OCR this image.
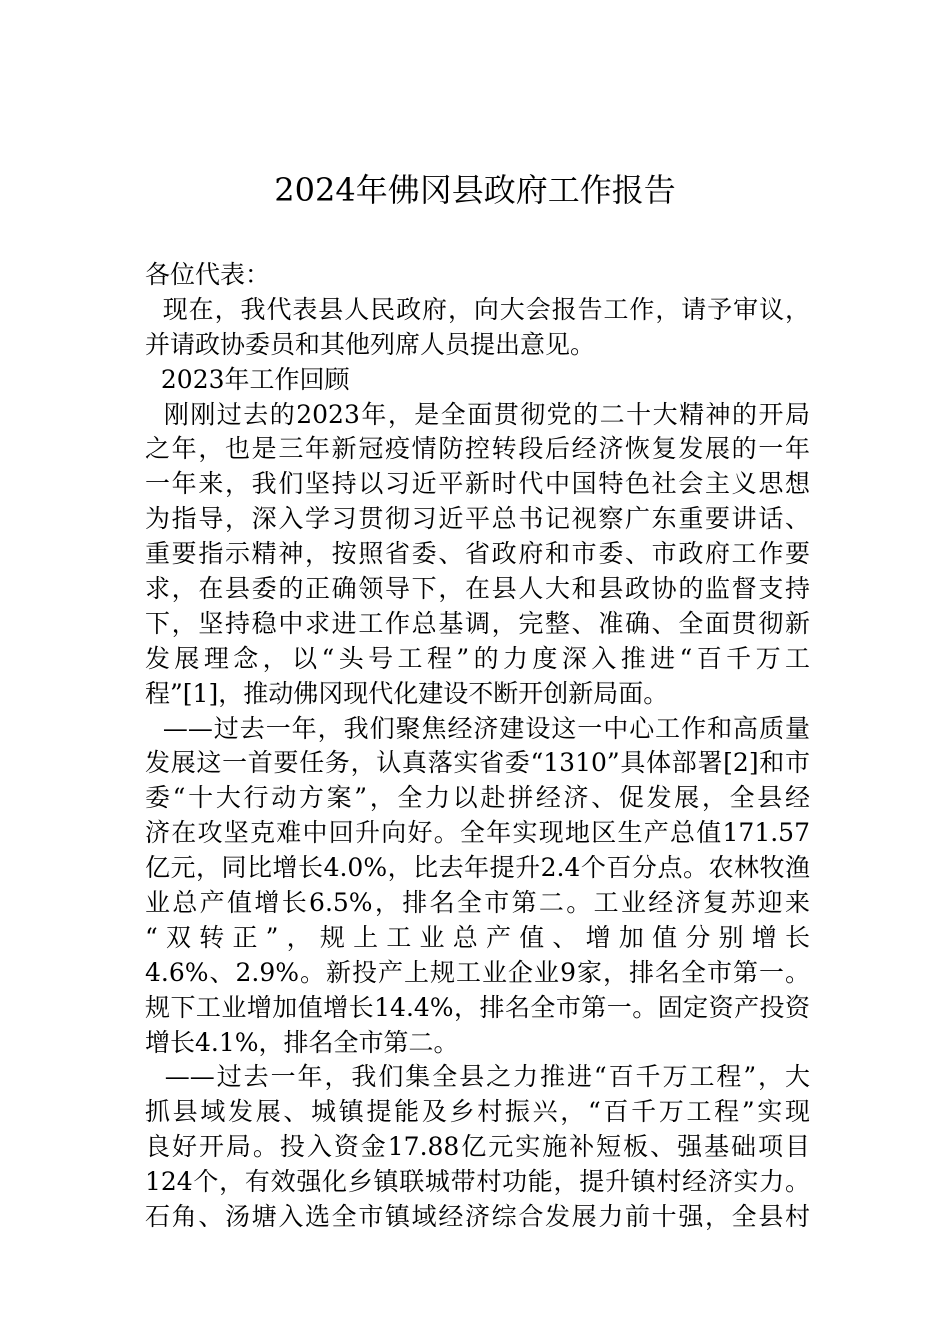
2024年佛冈县政府工作报告
各位代表：
现在，我代表县人民政府，向大会报告工作，请予审议，
并请政协委员和其他列席人员提出意见。
2023年工作回顾
刚刚过去的2023年，是全面贯彻党的二十大精神的开局
之年，也是三年新冠疫情防控转段后经济恢复发展的一年
一年来，我们坚持以习近平新时代中国特色社会主义思想
为指导，深入学习贯彻习近平总书记视察广东重要讲话、
重要指示精神，按照省委、省政府和市委、市政府工作要
求，在县委的正确领导下，在县人大和县政协的监督支持
下，坚持稳中求进工作总基调，完整、准确、全面贯彻新
发展理念，以“头号工程”的力度深入推进“百千万工
程”[1]，推动佛冈现代化建设不断开创新局面。
——过去一年，我们聚焦经济建设这一中心工作和高质量
发展这一首要任务，认真落实省委“1310”具体部署[2]和市
委“十大行动方案”，全力以赴拼经济、促发展，全县经
济在攻坚克难中回升向好。全年实现地区生产总值171.57
亿元，同比增长4.0%，比去年提升2.4个百分点。农林牧渔
业总产值增长6.5%，排名全市第二。工业经济复苏迎来
“双转正”，规上工业总产值、增加值分别增长
4.6%、2.9%。新投产上规工业企业9家，排名全市第一。
规下工业增加值增长14.4%，排名全市第一。固定资产投资
增长4.1%，排名全市第二。
——过去一年，我们集全县之力推进“百千万工程”，大
抓县域发展、城镇提能及乡村振兴，“百千万工程”实现
良好开局。投入资金17.88亿元实施补短板、强基础项目
124个，有效强化乡镇联城带村功能，提升镇村经济实力。
石角、汤塘入选全市镇域经济综合发展力前十强，全县村
